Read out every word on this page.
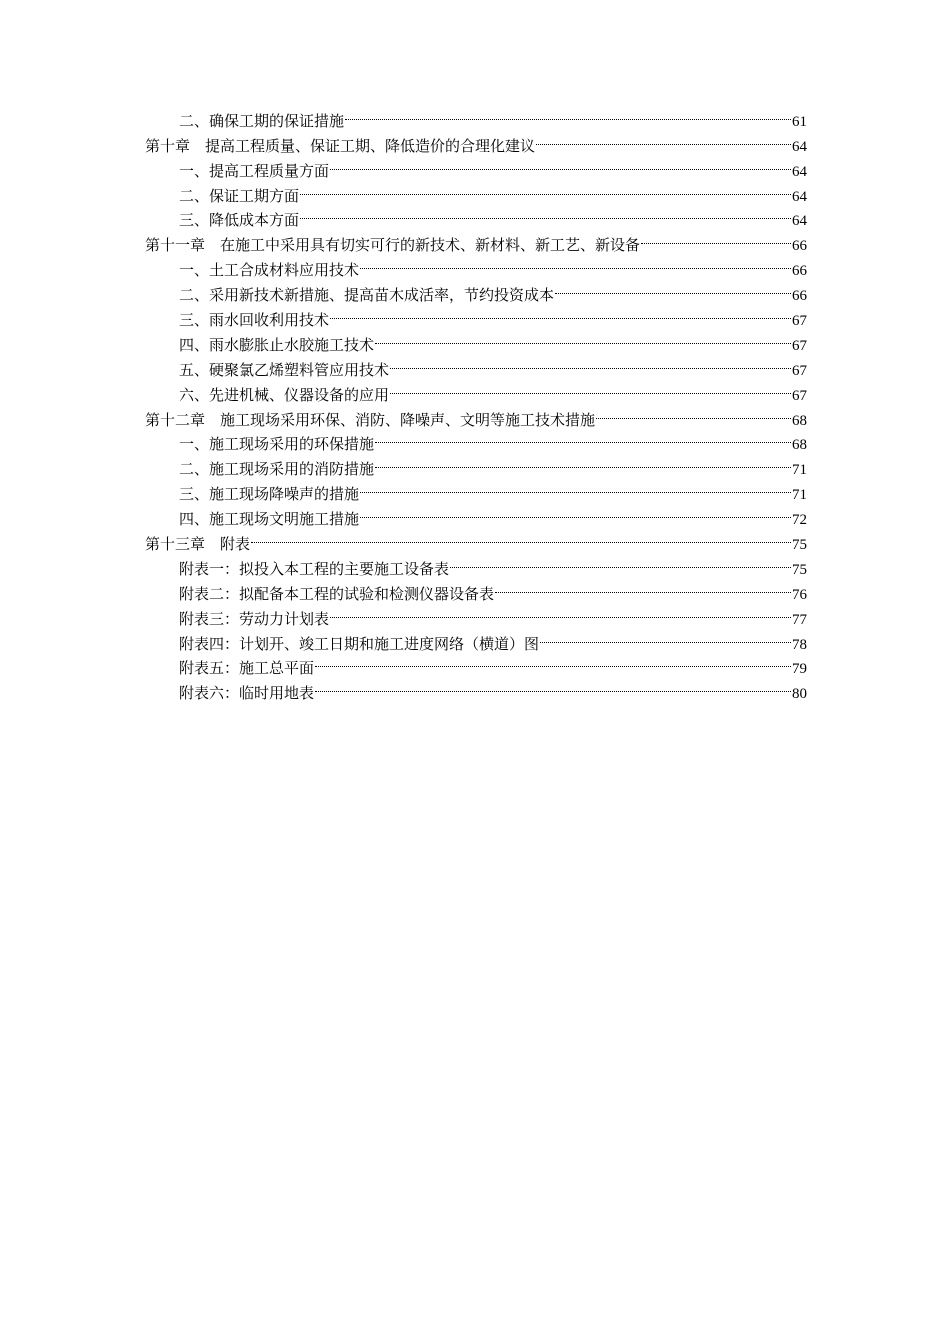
二、确保工期的保证措施	61
第十章　提高工程质量、保证工期、降低造价的合理化建议	64
一、提高工程质量方面	64
二、保证工期方面	64
三、降低成本方面	64
第十一章　在施工中采用具有切实可行的新技术、新材料、新工艺、新设备	66
一、土工合成材料应用技术	66
二、采用新技术新措施、提高苗木成活率，节约投资成本	66
三、雨水回收利用技术	67
四、雨水膨胀止水胶施工技术	67
五、硬聚氯乙烯塑料管应用技术	67
六、先进机械、仪器设备的应用	67
第十二章　施工现场采用环保、消防、降噪声、文明等施工技术措施	68
一、施工现场采用的环保措施	68
二、施工现场采用的消防措施	71
三、施工现场降噪声的措施	71
四、施工现场文明施工措施	72
第十三章　附表	75
附表一：拟投入本工程的主要施工设备表	75
附表二：拟配备本工程的试验和检测仪器设备表	76
附表三：劳动力计划表	77
附表四：计划开、竣工日期和施工进度网络（横道）图	78
附表五：施工总平面	79
附表六：临时用地表	80
